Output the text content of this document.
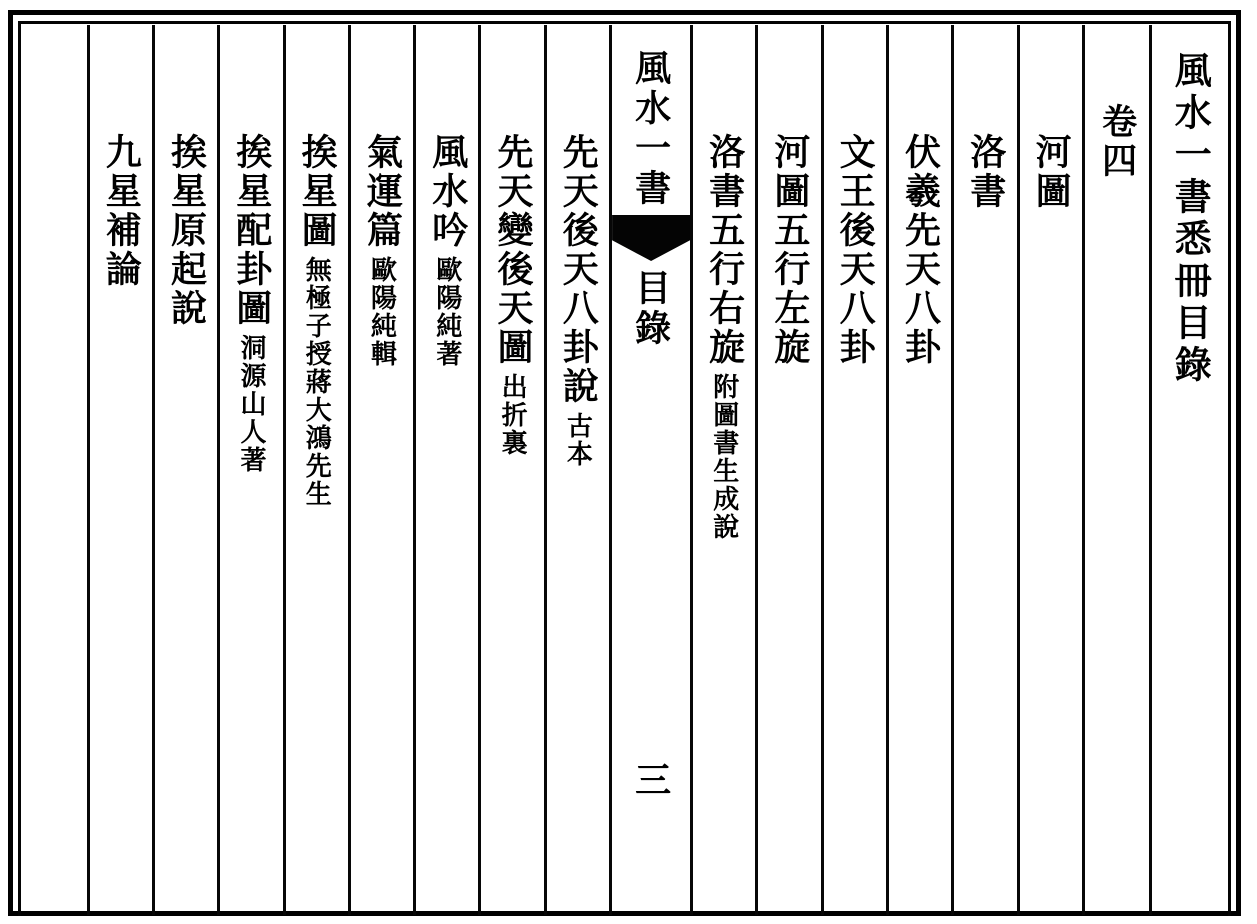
風水一書悉冊目錄
卷四
河圖
洛書
伏羲先天八卦
文王後天八卦
河圖五行左旋
洛書五行右旋
附圖書生成說
風水一書
目錄
三
先天後天八卦說
古本
先天變後天圖
出折裏
風水吟
歐陽純著
氣運篇
歐陽純輯
挨星圖
無極子授蔣大鴻先生
挨星配卦圖
洞源山人著
挨星原起說
九星補論
